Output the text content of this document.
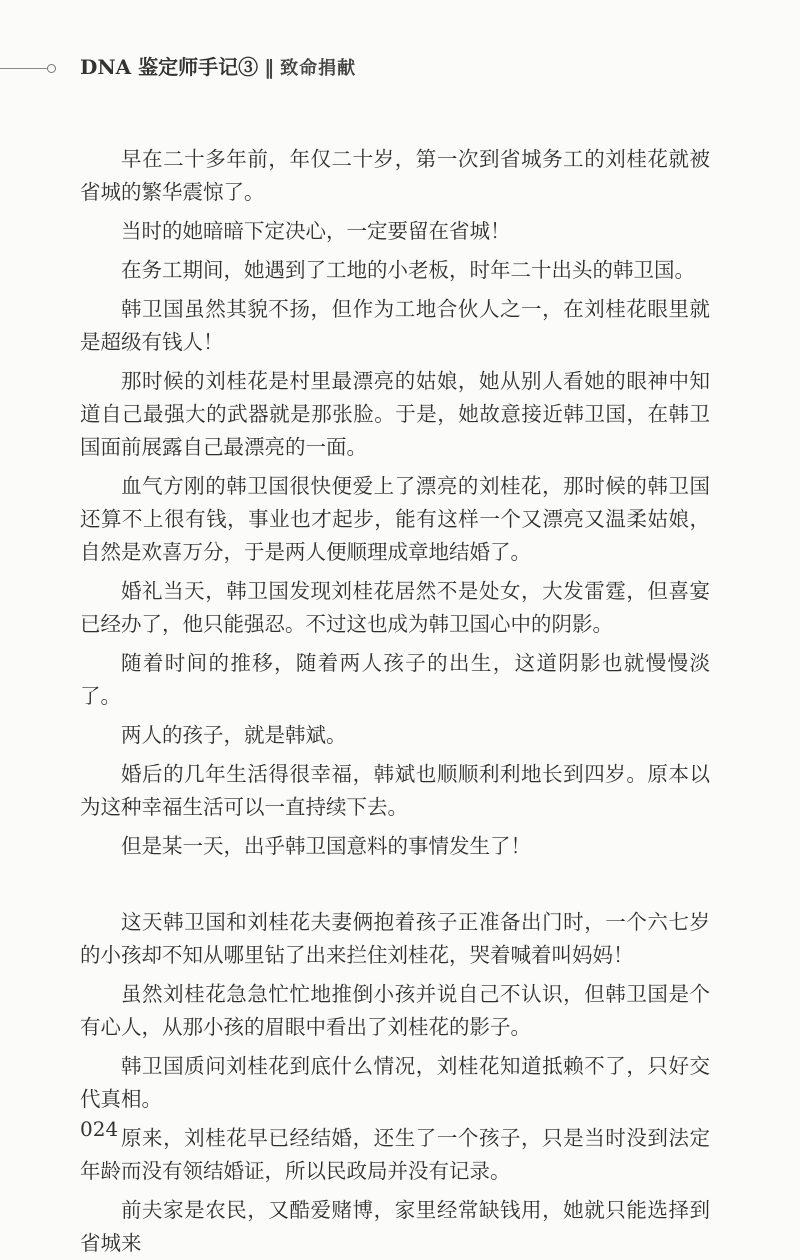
DNA 鉴定师手记③ ‖ 致命捐献

早在二十多年前，年仅二十岁，第一次到省城务工的刘桂花就被省城的繁华震惊了。

当时的她暗暗下定决心，一定要留在省城！

在务工期间，她遇到了工地的小老板，时年二十出头的韩卫国。

韩卫国虽然其貌不扬，但作为工地合伙人之一，在刘桂花眼里就是超级有钱人！

那时候的刘桂花是村里最漂亮的姑娘，她从别人看她的眼神中知道自己最强大的武器就是那张脸。于是，她故意接近韩卫国，在韩卫国面前展露自己最漂亮的一面。

血气方刚的韩卫国很快便爱上了漂亮的刘桂花，那时候的韩卫国还算不上很有钱，事业也才起步，能有这样一个又漂亮又温柔姑娘，自然是欢喜万分，于是两人便顺理成章地结婚了。

婚礼当天，韩卫国发现刘桂花居然不是处女，大发雷霆，但喜宴已经办了，他只能强忍。不过这也成为韩卫国心中的阴影。

随着时间的推移，随着两人孩子的出生，这道阴影也就慢慢淡了。

两人的孩子，就是韩斌。

婚后的几年生活得很幸福，韩斌也顺顺利利地长到四岁。原本以为这种幸福生活可以一直持续下去。

但是某一天，出乎韩卫国意料的事情发生了！

这天韩卫国和刘桂花夫妻俩抱着孩子正准备出门时，一个六七岁的小孩却不知从哪里钻了出来拦住刘桂花，哭着喊着叫妈妈！

虽然刘桂花急急忙忙地推倒小孩并说自己不认识，但韩卫国是个有心人，从那小孩的眉眼中看出了刘桂花的影子。

韩卫国质问刘桂花到底什么情况，刘桂花知道抵赖不了，只好交代真相。

原来，刘桂花早已经结婚，还生了一个孩子，只是当时没到法定年龄而没有领结婚证，所以民政局并没有记录。

前夫家是农民，又酷爱赌博，家里经常缺钱用，她就只能选择到省城来

024
